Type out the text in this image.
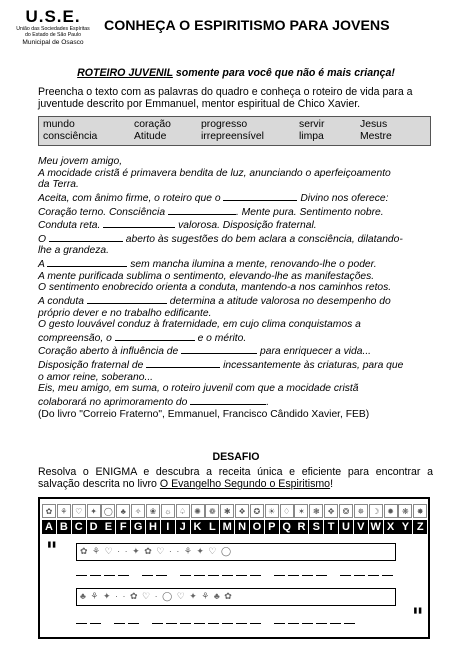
U.S.E.
União das Sociedades Espíritas
do Estado de São Paulo
Municipal de Osasco
CONHEÇA O ESPIRITISMO PARA JOVENS
ROTEIRO JUVENIL somente para você que não é mais criança!
Preencha o texto com as palavras do quadro e conheça o roteiro de vida para a juventude descrito por Emmanuel, mentor espiritual de Chico Xavier.
mundo	coração	progresso	servir	Jesus
consciência	Atitude	irrepreensível	limpa	Mestre
Meu jovem amigo,
A mocidade cristã é primavera bendita de luz, anunciando o aperfeiçoamento
da Terra.
Aceita, com ânimo firme, o roteiro que o	Divino nos oferece:
Coração terno. Consciência	. Mente pura. Sentimento nobre.
Conduta reta.	valorosa. Disposição fraternal.
O	aberto às sugestões do bem aclara a consciência, dilatando-
lhe a grandeza.
A	sem mancha ilumina a mente, renovando-lhe o poder.
A mente purificada sublima o sentimento, elevando-lhe as manifestações.
O sentimento enobrecido orienta a conduta, mantendo-a nos caminhos retos.
A conduta	determina a atitude valorosa no desempenho do
próprio dever e no trabalho edificante.
O gesto louvável conduz à fraternidade, em cujo clima conquistamos a
compreensão, o	e o mérito.
Coração aberto à influência de	para enriquecer a vida...
Disposição fraternal de	incessantemente às criaturas, para que
o amor reine, soberano...
Eis, meu amigo, em suma, o roteiro juvenil com que a mocidade cristã
colaborará no aprimoramento do	.
(Do livro "Correio Fraterno", Emmanuel, Francisco Cândido Xavier, FEB)
DESAFIO
Resolva o ENIGMA e descubra a receita única e eficiente para encontrar a
salvação descrita no livro O Evangelho Segundo o Espiritismo!
✿ ⚘ ♡ ✦ ◯ ♣	✧	❀ ☼ ♤ ✺	❁	✱ ❖ ✪ ☀ ♢ ✶	❃	✥	❂	✵ ☽ ✹	❋	✸
A B C D E F G H I J K L M N O P Q R S T U V W X Y Z
"	✿ ⚘ ♡ · · ✦ ✿ ♡ · · ⚘ ✦ ♡ ◯
♣ ⚘ ✦ · · ✿ ♡ · ◯ ♡ ✦ ⚘ ♣ ✿
"
